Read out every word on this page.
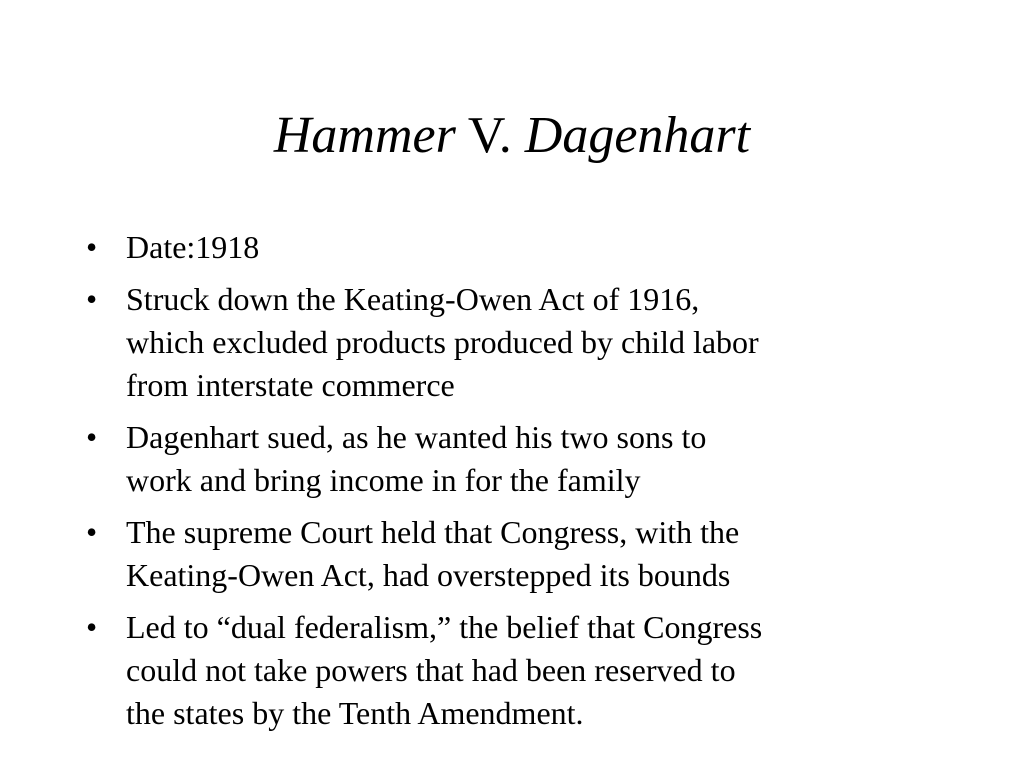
Hammer V. Dagenhart
• Date:1918
• Struck down the Keating-Owen Act of 1916,
which excluded products produced by child labor
from interstate commerce
• Dagenhart sued, as he wanted his two sons to
work and bring income in for the family
• The supreme Court held that Congress, with the
Keating-Owen Act, had overstepped its bounds
• Led to “dual federalism,” the belief that Congress
could not take powers that had been reserved to
the states by the Tenth Amendment.
